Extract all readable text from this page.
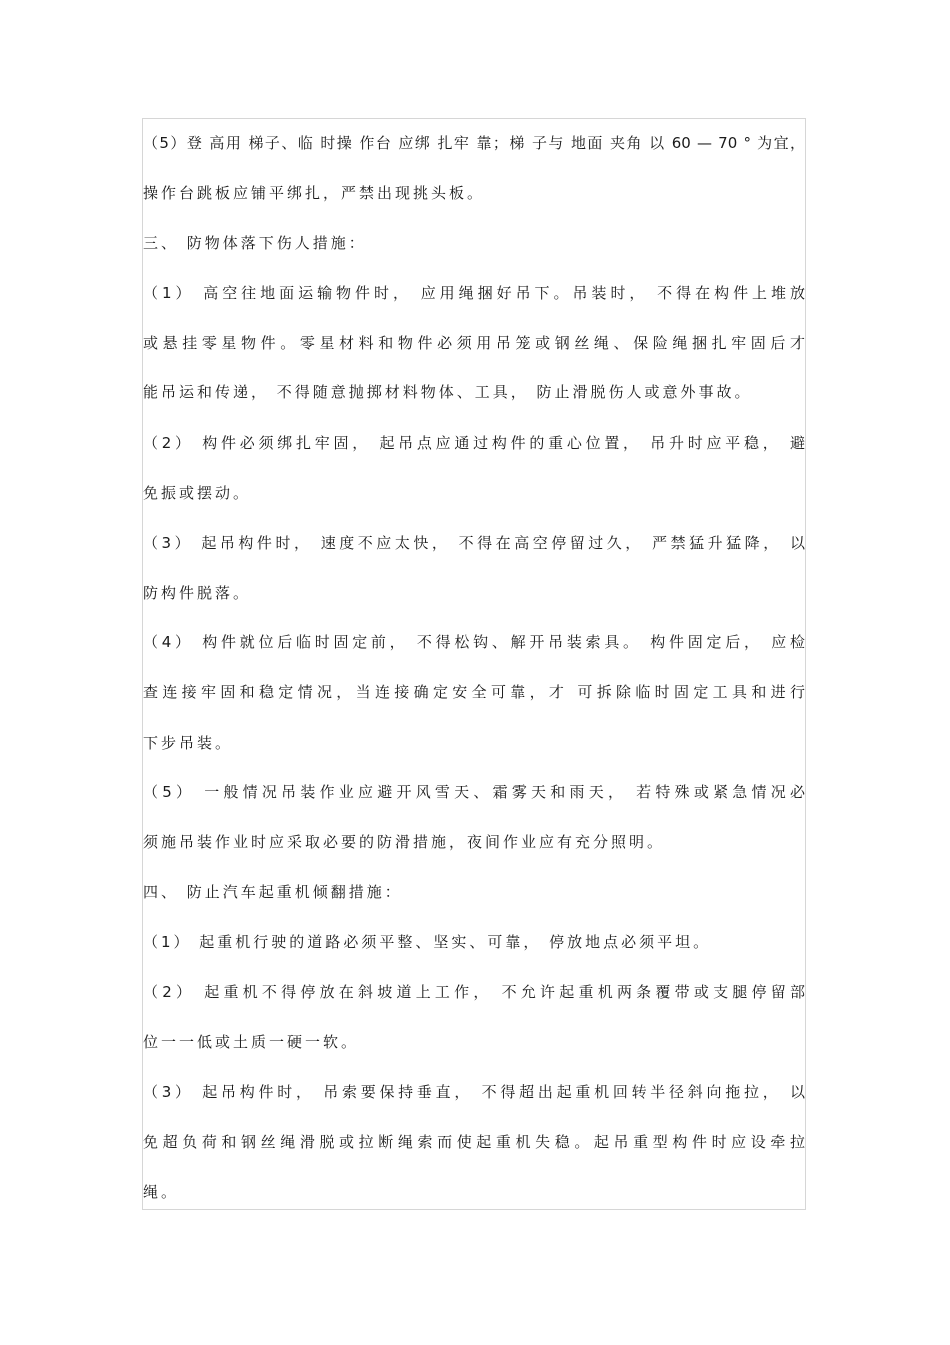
（5）登 高用 梯子、临 时操 作台 应绑 扎牢 靠；梯 子与 地面 夹角 以 60 — 70 ° 为宜，
操作台跳板应铺平绑扎，严禁出现挑头板。
三、 防物体落下伤人措施：
（1） 高空往地面运输物件时， 应用绳捆好吊下。吊装时， 不得在构件上堆放
或悬挂零星物件。零星材料和物件必须用吊笼或钢丝绳、保险绳捆扎牢固后才
能吊运和传递， 不得随意抛掷材料物体、工具， 防止滑脱伤人或意外事故。
（2） 构件必须绑扎牢固， 起吊点应通过构件的重心位置， 吊升时应平稳， 避
免振或摆动。
（3） 起吊构件时， 速度不应太快， 不得在高空停留过久， 严禁猛升猛降， 以
防构件脱落。
（4） 构件就位后临时固定前， 不得松钩、解开吊装索具。 构件固定后， 应检
查连接牢固和稳定情况，当连接确定安全可靠，才 可拆除临时固定工具和进行
下步吊装。
（5） 一般情况吊装作业应避开风雪天、霜雾天和雨天， 若特殊或紧急情况必
须施吊装作业时应采取必要的防滑措施，夜间作业应有充分照明。
四、 防止汽车起重机倾翻措施：
（1） 起重机行驶的道路必须平整、坚实、可靠， 停放地点必须平坦。
（2） 起重机不得停放在斜坡道上工作， 不允许起重机两条覆带或支腿停留部
位一一低或土质一硬一软。
（3） 起吊构件时， 吊索要保持垂直， 不得超出起重机回转半径斜向拖拉， 以
免超负荷和钢丝绳滑脱或拉断绳索而使起重机失稳。起吊重型构件时应设牵拉
绳。
